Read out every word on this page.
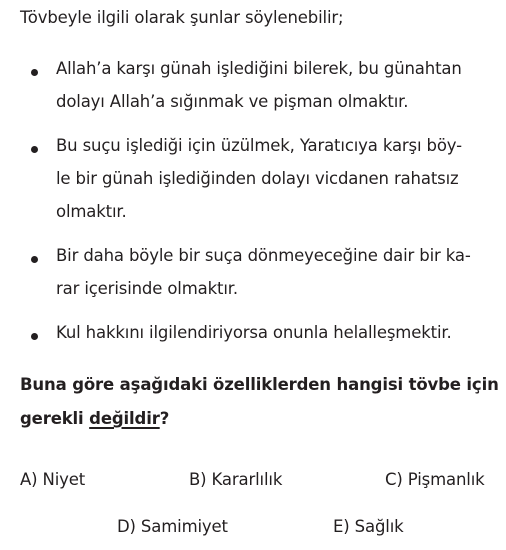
Tövbeyle ilgili olarak şunlar söylenebilir;
Allah’a karşı günah işlediğini bilerek, bu günahtan
dolayı Allah’a sığınmak ve pişman olmaktır.
Bu suçu işlediği için üzülmek, Yaratıcıya karşı böy-
le bir günah işlediğinden dolayı vicdanen rahatsız
olmaktır.
Bir daha böyle bir suça dönmeyeceğine dair bir ka-
rar içerisinde olmaktır.
Kul hakkını ilgilendiriyorsa onunla helalleşmektir.
Buna göre aşağıdaki özelliklerden hangisi tövbe için
gerekli değildir?
A) Niyet	B) Kararlılık	C) Pişmanlık
D) Samimiyet	E) Sağlık
